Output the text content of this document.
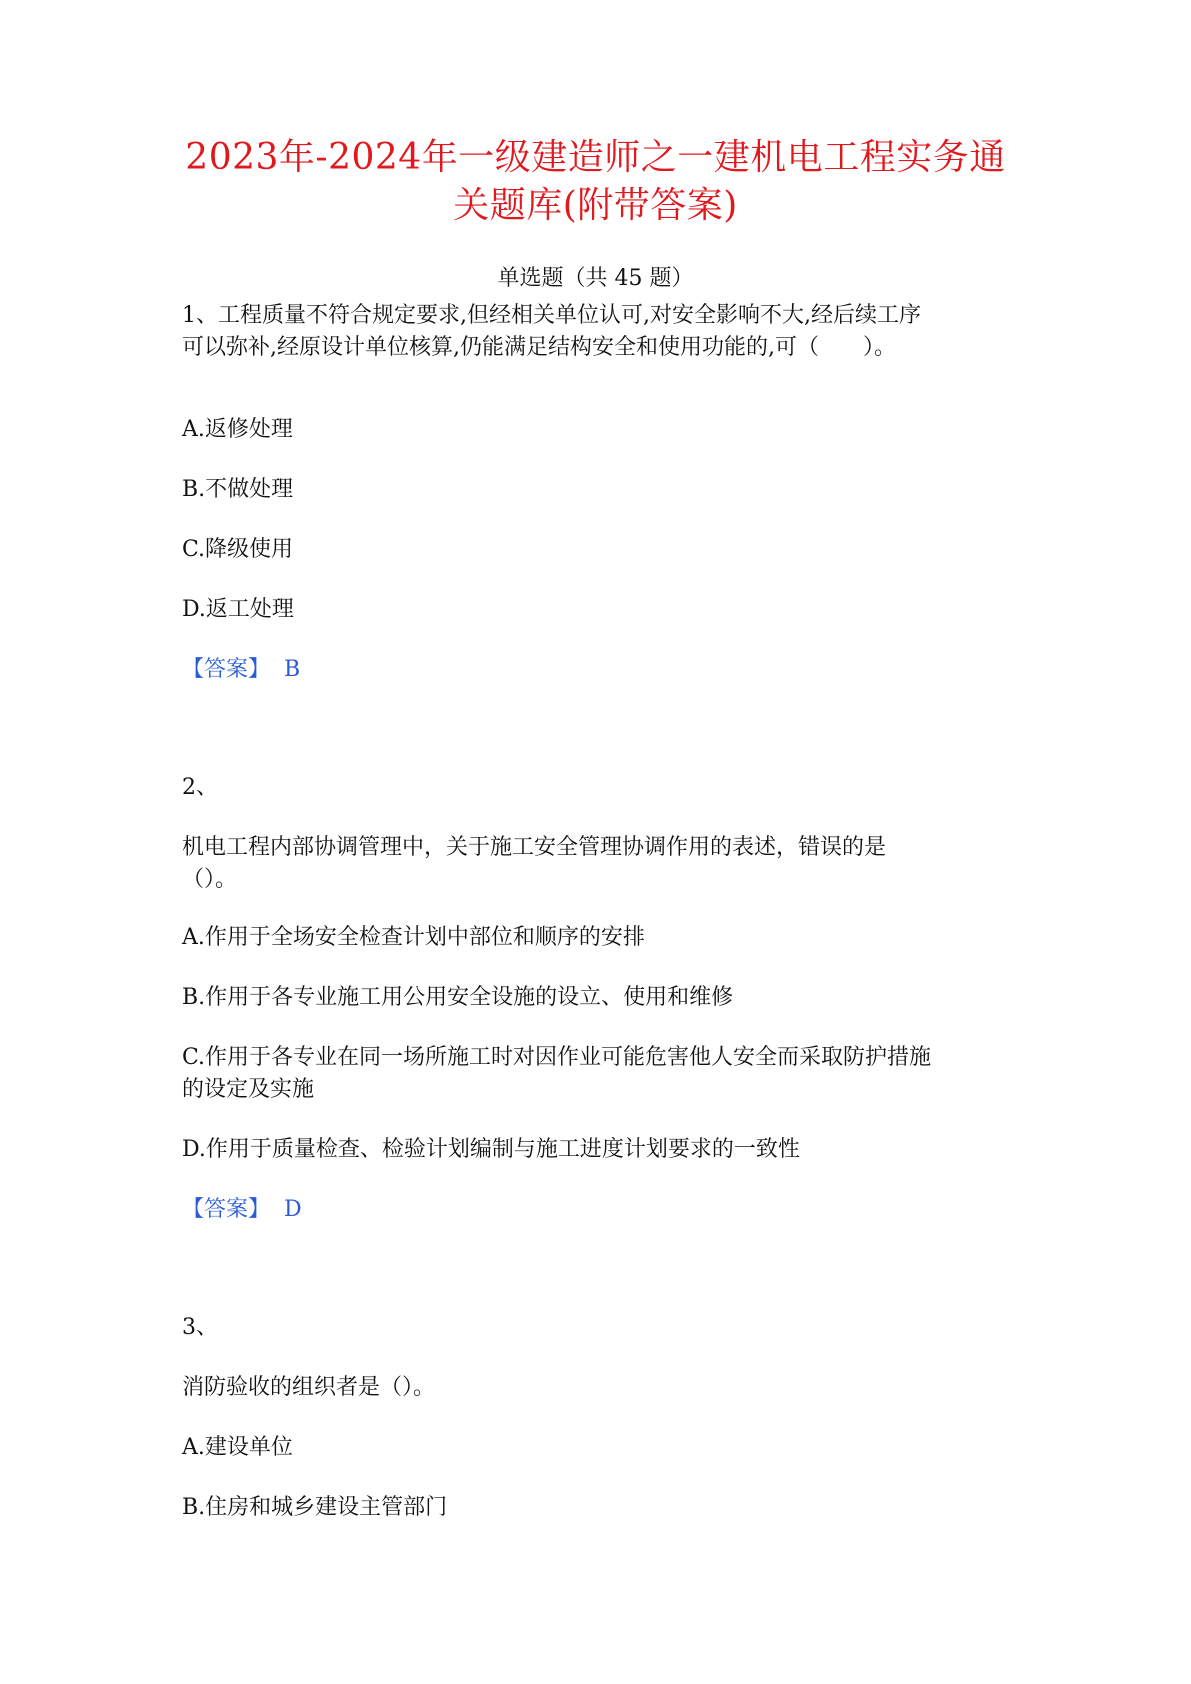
2023年-2024年一级建造师之一建机电工程实务通
关题库(附带答案)
单选题（共 45 题）
1、工程质量不符合规定要求,但经相关单位认可,对安全影响不大,经后续工序
可以弥补,经原设计单位核算,仍能满足结构安全和使用功能的,可（　　）。
A.返修处理
B.不做处理
C.降级使用
D.返工处理
【答案】 B
2、
机电工程内部协调管理中，关于施工安全管理协调作用的表述，错误的是
（）。
A.作用于全场安全检查计划中部位和顺序的安排
B.作用于各专业施工用公用安全设施的设立、使用和维修
C.作用于各专业在同一场所施工时对因作业可能危害他人安全而采取防护措施
的设定及实施
D.作用于质量检查、检验计划编制与施工进度计划要求的一致性
【答案】 D
3、
消防验收的组织者是（）。
A.建设单位
B.住房和城乡建设主管部门
